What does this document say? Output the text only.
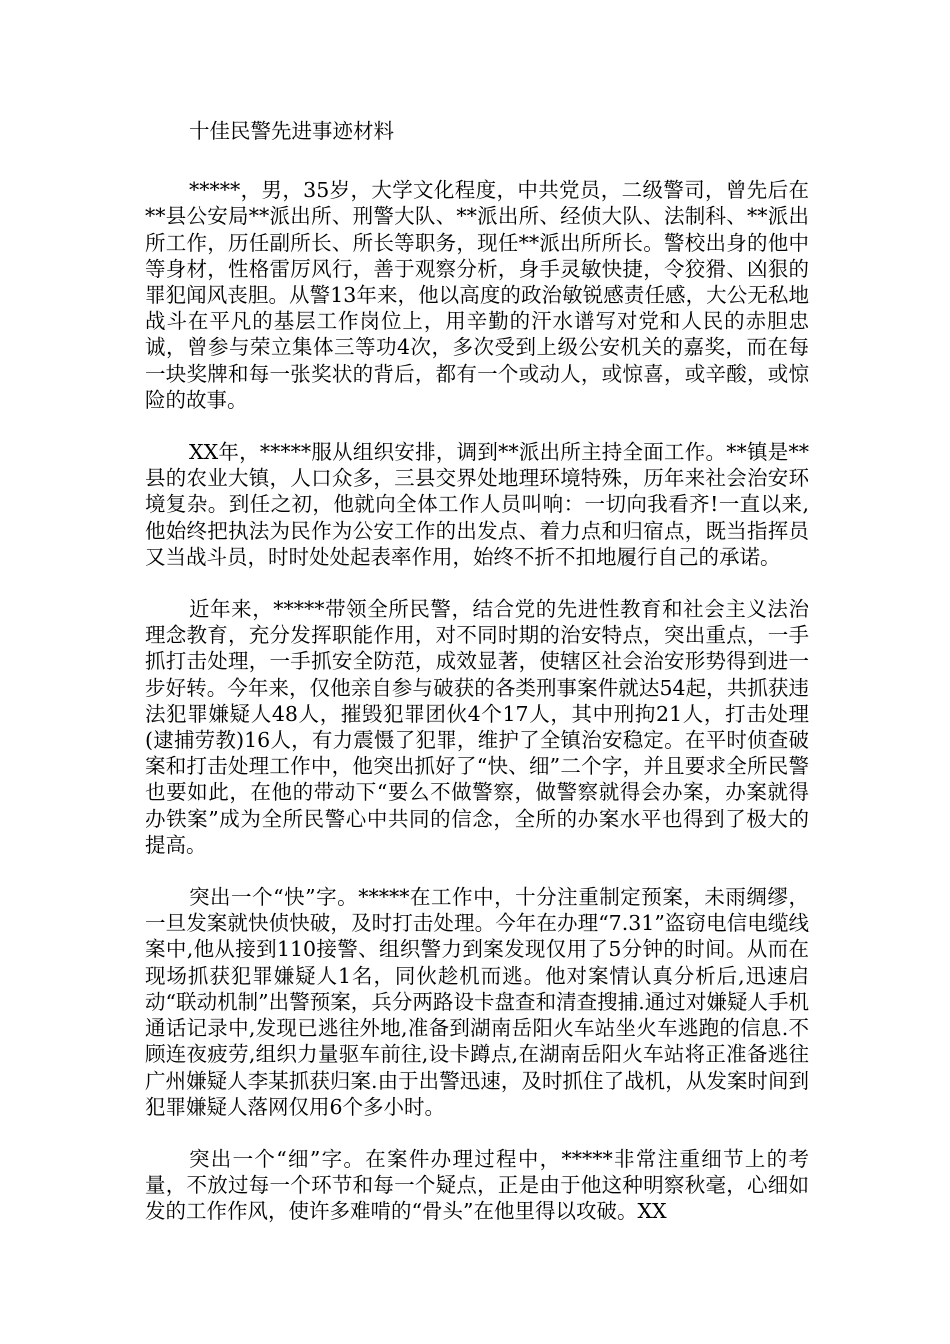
十佳民警先进事迹材料

*****，男，35岁，大学文化程度，中共党员，二级警司，曾先后在**县公安局**派出所、刑警大队、**派出所、经侦大队、法制科、**派出所工作，历任副所长、所长等职务，现任**派出所所长。警校出身的他中等身材，性格雷厉风行，善于观察分析，身手灵敏快捷，令狡猾、凶狠的罪犯闻风丧胆。从警13年来，他以高度的政治敏锐感责任感，大公无私地战斗在平凡的基层工作岗位上，用辛勤的汗水谱写对党和人民的赤胆忠诚，曾参与荣立集体三等功4次，多次受到上级公安机关的嘉奖，而在每一块奖牌和每一张奖状的背后，都有一个或动人，或惊喜，或辛酸，或惊险的故事。

XX年，*****服从组织安排，调到**派出所主持全面工作。**镇是**县的农业大镇，人口众多，三县交界处地理环境特殊，历年来社会治安环境复杂。到任之初，他就向全体工作人员叫响：一切向我看齐!一直以来,他始终把执法为民作为公安工作的出发点、着力点和归宿点，既当指挥员又当战斗员，时时处处起表率作用，始终不折不扣地履行自己的承诺。

近年来，*****带领全所民警，结合党的先进性教育和社会主义法治理念教育，充分发挥职能作用，对不同时期的治安特点，突出重点，一手抓打击处理，一手抓安全防范，成效显著，使辖区社会治安形势得到进一步好转。今年来，仅他亲自参与破获的各类刑事案件就达54起，共抓获违法犯罪嫌疑人48人，摧毁犯罪团伙4个17人，其中刑拘21人，打击处理(逮捕劳教)16人，有力震慑了犯罪，维护了全镇治安稳定。在平时侦查破案和打击处理工作中，他突出抓好了“快、细”二个字，并且要求全所民警也要如此，在他的带动下“要么不做警察，做警察就得会办案，办案就得办铁案”成为全所民警心中共同的信念，全所的办案水平也得到了极大的提高。

突出一个“快”字。*****在工作中，十分注重制定预案，未雨绸缪，一旦发案就快侦快破，及时打击处理。今年在办理“7.31”盗窃电信电缆线案中,他从接到110接警、组织警力到案发现仅用了5分钟的时间。从而在现场抓获犯罪嫌疑人1名，同伙趁机而逃。他对案情认真分析后,迅速启动“联动机制”出警预案，兵分两路设卡盘查和清查搜捕.通过对嫌疑人手机通话记录中,发现已逃往外地,准备到湖南岳阳火车站坐火车逃跑的信息.不顾连夜疲劳,组织力量驱车前往,设卡蹲点,在湖南岳阳火车站将正准备逃往广州嫌疑人李某抓获归案.由于出警迅速，及时抓住了战机，从发案时间到犯罪嫌疑人落网仅用6个多小时。

突出一个“细”字。在案件办理过程中，*****非常注重细节上的考量，不放过每一个环节和每一个疑点，正是由于他这种明察秋毫，心细如发的工作作风，使许多难啃的“骨头”在他里得以攻破。XX
